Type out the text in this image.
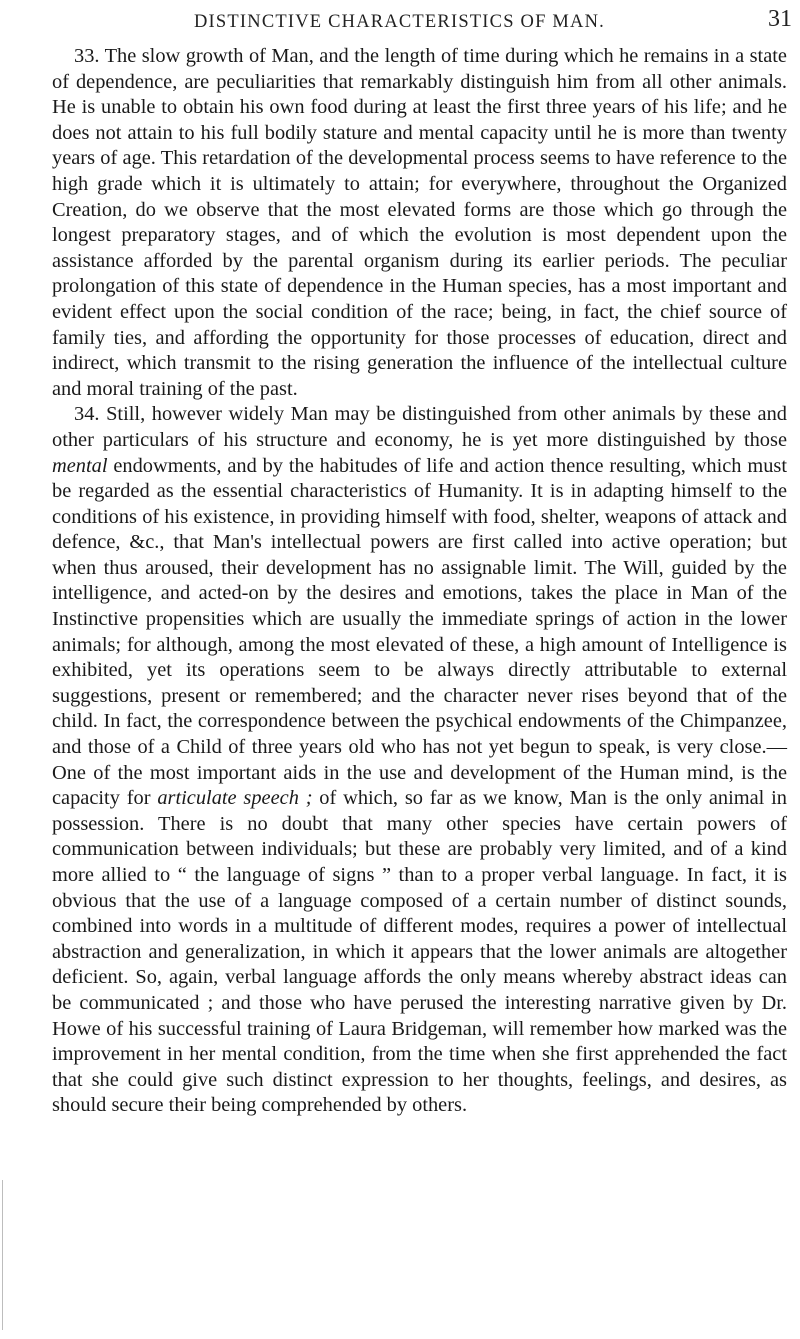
DISTINCTIVE CHARACTERISTICS OF MAN.	31

33. The slow growth of Man, and the length of time during which he remains in a state of dependence, are peculiarities that remarkably distinguish him from all other animals. He is unable to obtain his own food during at least the first three years of his life; and he does not attain to his full bodily stature and mental capacity until he is more than twenty years of age. This retardation of the developmental process seems to have reference to the high grade which it is ultimately to attain; for everywhere, throughout the Organized Creation, do we observe that the most elevated forms are those which go through the longest preparatory stages, and of which the evolution is most dependent upon the assistance afforded by the parental organism during its earlier periods. The peculiar prolongation of this state of dependence in the Human species, has a most important and evident effect upon the social condition of the race; being, in fact, the chief source of family ties, and affording the opportunity for those processes of education, direct and indirect, which transmit to the rising generation the influence of the intellectual culture and moral training of the past.

34. Still, however widely Man may be distinguished from other animals by these and other particulars of his structure and economy, he is yet more distinguished by those mental endowments, and by the habitudes of life and action thence resulting, which must be regarded as the essential characteristics of Humanity. It is in adapting himself to the conditions of his existence, in providing himself with food, shelter, weapons of attack and defence, &c., that Man's intellectual powers are first called into active operation; but when thus aroused, their development has no assignable limit. The Will, guided by the intelligence, and acted-on by the desires and emotions, takes the place in Man of the Instinctive propensities which are usually the immediate springs of action in the lower animals; for although, among the most elevated of these, a high amount of Intelligence is exhibited, yet its operations seem to be always directly attributable to external suggestions, present or remembered; and the character never rises beyond that of the child. In fact, the correspondence between the psychical endowments of the Chimpanzee, and those of a Child of three years old who has not yet begun to speak, is very close.—One of the most important aids in the use and development of the Human mind, is the capacity for articulate speech ; of which, so far as we know, Man is the only animal in possession. There is no doubt that many other species have certain powers of communication between individuals; but these are probably very limited, and of a kind more allied to “ the language of signs ” than to a proper verbal language. In fact, it is obvious that the use of a language composed of a certain number of distinct sounds, combined into words in a multitude of different modes, requires a power of intellectual abstraction and generalization, in which it appears that the lower animals are altogether deficient. So, again, verbal language affords the only means whereby abstract ideas can be communicated ; and those who have perused the interesting narrative given by Dr. Howe of his successful training of Laura Bridgeman, will remember how marked was the improvement in her mental condition, from the time when she first apprehended the fact that she could give such distinct expression to her thoughts, feelings, and desires, as should secure their being comprehended by others.
